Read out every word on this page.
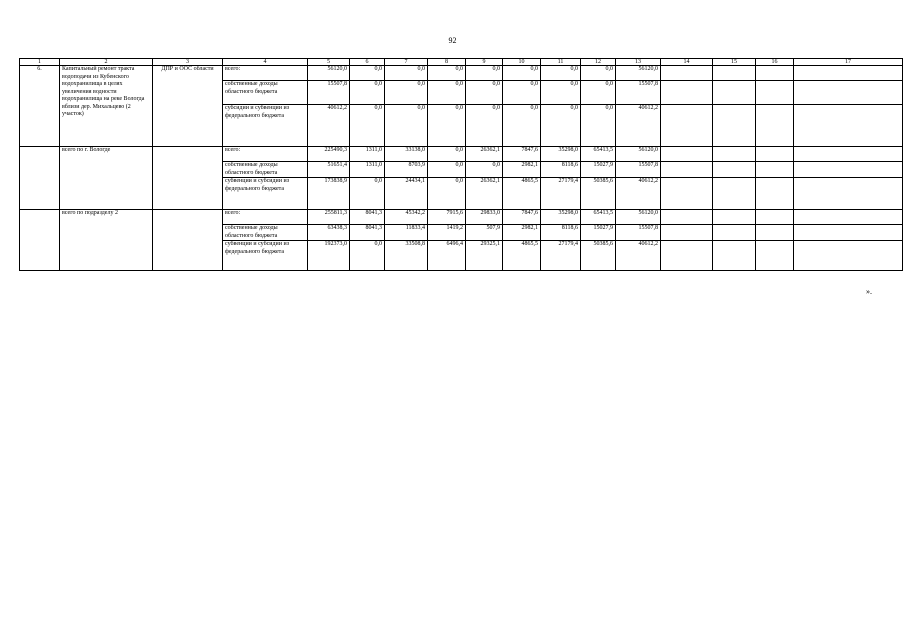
92
1	2	3	4	5	6	7	8	9	10	11	12	13	14	15	16	17
6.	Капитальный ремонт тракта водоподачи из Кубенского водохранилища в целях увеличения водности водохранилища на реке Вологда вблизи дер. Михальцево (2 участок)	ДПР и ООС области	всего:	56120,0	0,0	0,0	0,0	0,0	0,0	0,0	0,0	56120,0				
			собственные доходы областного бюджета	15507,8	0,0	0,0	0,0	0,0	0,0	0,0	0,0	15507,8				
			субсидии и субвенции из федерального бюджета	40612,2	0,0	0,0	0,0	0,0	0,0	0,0	0,0	40612,2				
	всего по г. Вологде		всего:	225490,3	1311,0	33138,0	0,0	26362,1	7847,6	35298,0	65413,5	56120,0				
			собственные доходы областного бюджета	51651,4	1311,0	8703,9	0,0	0,0	2982,1	8118,6	15027,9	15507,8				
			субвенции и субсидии из федерального бюджета	173838,9	0,0	24434,1	0,0	26362,1	4865,5	27179,4	50385,6	40612,2				
	всего по подразделу 2		всего:	255811,3	8041,3	45342,2	7915,6	29833,0	7847,6	35298,0	65413,5	56120,0				
			собственные доходы областного бюджета	63438,3	8041,3	11833,4	1419,2	507,9	2982,1	8118,6	15027,9	15507,8				
			субвенции и субсидии из федерального бюджета	192373,0	0,0	33508,8	6496,4	29325,1	4865,5	27179,4	50385,6	40612,2				
».
